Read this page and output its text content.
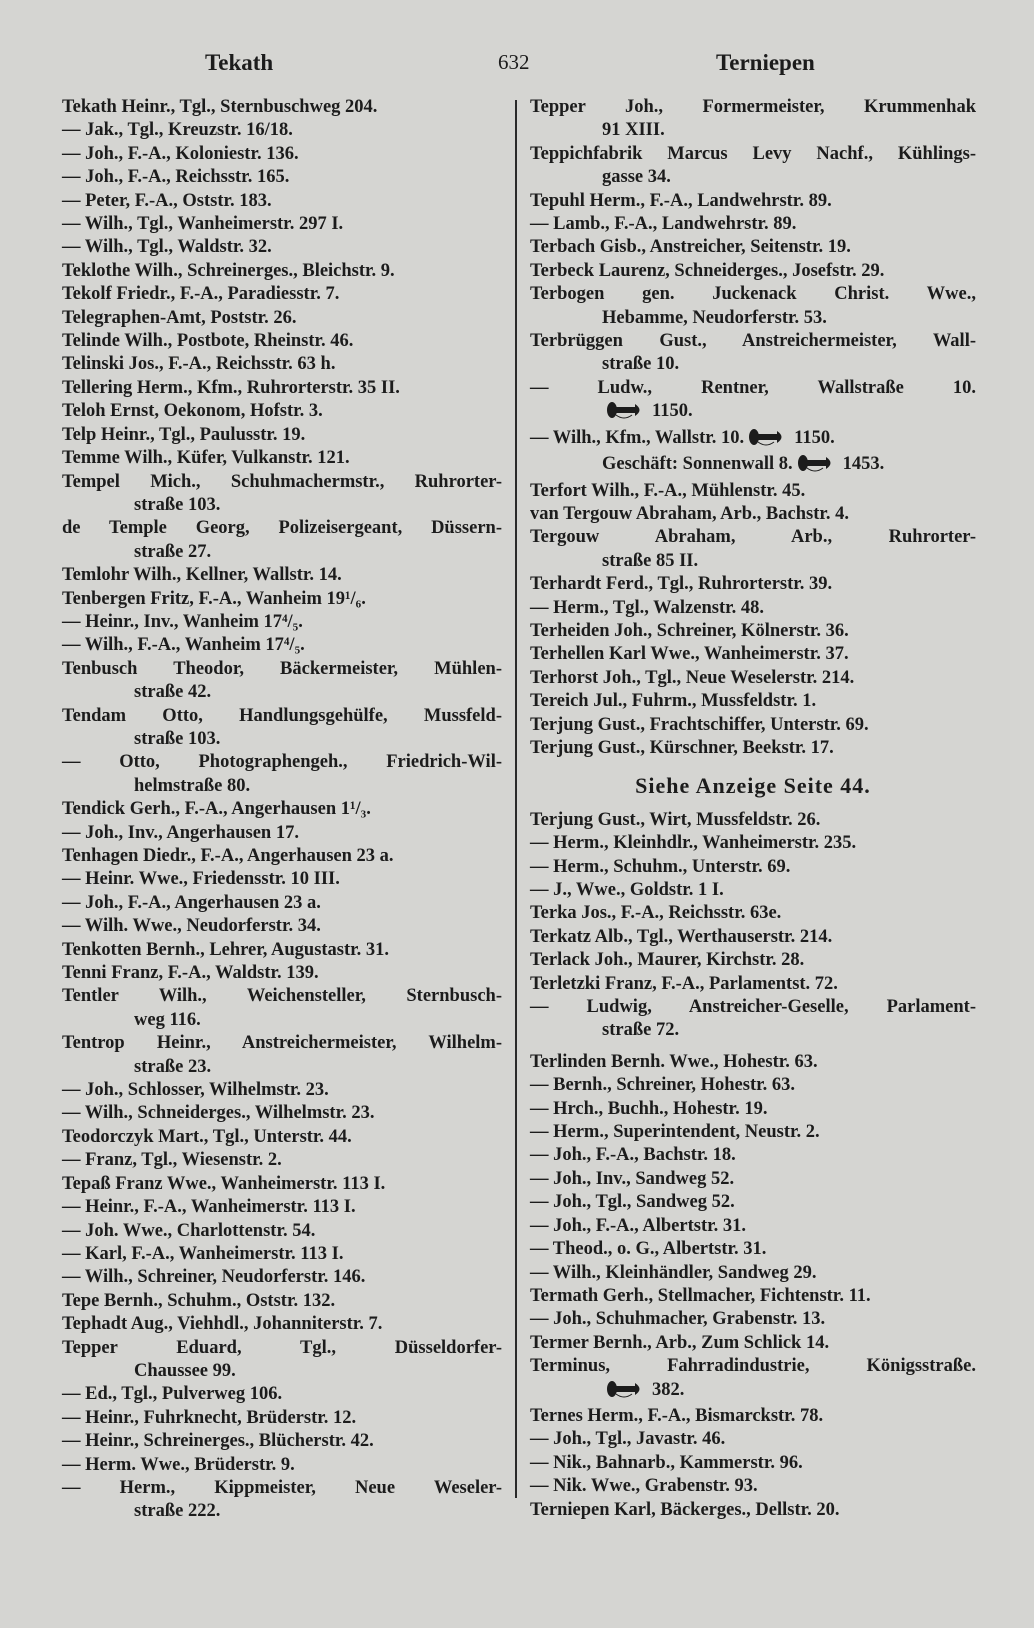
Tekath	632	Terniepen
Tekath Heinr., Tgl., Sternbuschweg 204.
— Jak., Tgl., Kreuzstr. 16/18.
— Joh., F.-A., Koloniestr. 136.
— Joh., F.-A., Reichsstr. 165.
— Peter, F.-A., Oststr. 183.
— Wilh., Tgl., Wanheimerstr. 297 I.
— Wilh., Tgl., Waldstr. 32.
Teklothe Wilh., Schreinerges., Bleichstr. 9.
Tekolf Friedr., F.-A., Paradiesstr. 7.
Telegraphen-Amt, Poststr. 26.
Telinde Wilh., Postbote, Rheinstr. 46.
Telinski Jos., F.-A., Reichsstr. 63 h.
Tellering Herm., Kfm., Ruhrorterstr. 35 II.
Teloh Ernst, Oekonom, Hofstr. 3.
Telp Heinr., Tgl., Paulusstr. 19.
Temme Wilh., Küfer, Vulkanstr. 121.
Tempel Mich., Schuhmachermstr., Ruhrorter-
straße 103.
de Temple Georg, Polizeisergeant, Düssern-
straße 27.
Temlohr Wilh., Kellner, Wallstr. 14.
Tenbergen Fritz, F.-A., Wanheim 19¹/₆.
— Heinr., Inv., Wanheim 17⁴/₅.
— Wilh., F.-A., Wanheim 17⁴/₅.
Tenbusch Theodor, Bäckermeister, Mühlen-
straße 42.
Tendam Otto, Handlungsgehülfe, Mussfeld-
straße 103.
— Otto, Photographengeh., Friedrich-Wil-
helmstraße 80.
Tendick Gerh., F.-A., Angerhausen 1¹/₃.
— Joh., Inv., Angerhausen 17.
Tenhagen Diedr., F.-A., Angerhausen 23 a.
— Heinr. Wwe., Friedensstr. 10 III.
— Joh., F.-A., Angerhausen 23 a.
— Wilh. Wwe., Neudorferstr. 34.
Tenkotten Bernh., Lehrer, Augustastr. 31.
Tenni Franz, F.-A., Waldstr. 139.
Tentler Wilh., Weichensteller, Sternbusch-
weg 116.
Tentrop Heinr., Anstreichermeister, Wilhelm-
straße 23.
— Joh., Schlosser, Wilhelmstr. 23.
— Wilh., Schneiderges., Wilhelmstr. 23.
Teodorczyk Mart., Tgl., Unterstr. 44.
— Franz, Tgl., Wiesenstr. 2.
Tepaß Franz Wwe., Wanheimerstr. 113 I.
— Heinr., F.-A., Wanheimerstr. 113 I.
— Joh. Wwe., Charlottenstr. 54.
— Karl, F.-A., Wanheimerstr. 113 I.
— Wilh., Schreiner, Neudorferstr. 146.
Tepe Bernh., Schuhm., Oststr. 132.
Tephadt Aug., Viehhdl., Johanniterstr. 7.
Tepper Eduard, Tgl., Düsseldorfer-
Chaussee 99.
— Ed., Tgl., Pulverweg 106.
— Heinr., Fuhrknecht, Brüderstr. 12.
— Heinr., Schreinerges., Blücherstr. 42.
— Herm. Wwe., Brüderstr. 9.
— Herm., Kippmeister, Neue Weseler-
straße 222.
Tepper Joh., Formermeister, Krummenhak
91 XIII.
Teppichfabrik Marcus Levy Nachf., Kühlings-
gasse 34.
Tepuhl Herm., F.-A., Landwehrstr. 89.
— Lamb., F.-A., Landwehrstr. 89.
Terbach Gisb., Anstreicher, Seitenstr. 19.
Terbeck Laurenz, Schneiderges., Josefstr. 29.
Terbogen gen. Juckenack Christ. Wwe.,
Hebamme, Neudorferstr. 53.
Terbrüggen Gust., Anstreichermeister, Wall-
straße 10.
— Ludw., Rentner, Wallstraße 10.
1150.
— Wilh., Kfm., Wallstr. 10.	1150.
Geschäft: Sonnenwall 8.	1453.
Terfort Wilh., F.-A., Mühlenstr. 45.
van Tergouw Abraham, Arb., Bachstr. 4.
Tergouw Abraham, Arb., Ruhrorter-
straße 85 II.
Terhardt Ferd., Tgl., Ruhrorterstr. 39.
— Herm., Tgl., Walzenstr. 48.
Terheiden Joh., Schreiner, Kölnerstr. 36.
Terhellen Karl Wwe., Wanheimerstr. 37.
Terhorst Joh., Tgl., Neue Weselerstr. 214.
Tereich Jul., Fuhrm., Mussfeldstr. 1.
Terjung Gust., Frachtschiffer, Unterstr. 69.
Terjung Gust., Kürschner, Beekstr. 17.
Siehe Anzeige Seite 44.
Terjung Gust., Wirt, Mussfeldstr. 26.
— Herm., Kleinhdlr., Wanheimerstr. 235.
— Herm., Schuhm., Unterstr. 69.
— J., Wwe., Goldstr. 1 I.
Terka Jos., F.-A., Reichsstr. 63e.
Terkatz Alb., Tgl., Werthauserstr. 214.
Terlack Joh., Maurer, Kirchstr. 28.
Terletzki Franz, F.-A., Parlamentst. 72.
— Ludwig, Anstreicher-Geselle, Parlament-
straße 72.
Terlinden Bernh. Wwe., Hohestr. 63.
— Bernh., Schreiner, Hohestr. 63.
— Hrch., Buchh., Hohestr. 19.
— Herm., Superintendent, Neustr. 2.
— Joh., F.-A., Bachstr. 18.
— Joh., Inv., Sandweg 52.
— Joh., Tgl., Sandweg 52.
— Joh., F.-A., Albertstr. 31.
— Theod., o. G., Albertstr. 31.
— Wilh., Kleinhändler, Sandweg 29.
Termath Gerh., Stellmacher, Fichtenstr. 11.
— Joh., Schuhmacher, Grabenstr. 13.
Termer Bernh., Arb., Zum Schlick 14.
Terminus, Fahrradindustrie, Königsstraße.
382.
Ternes Herm., F.-A., Bismarckstr. 78.
— Joh., Tgl., Javastr. 46.
— Nik., Bahnarb., Kammerstr. 96.
— Nik. Wwe., Grabenstr. 93.
Terniepen Karl, Bäckerges., Dellstr. 20.
